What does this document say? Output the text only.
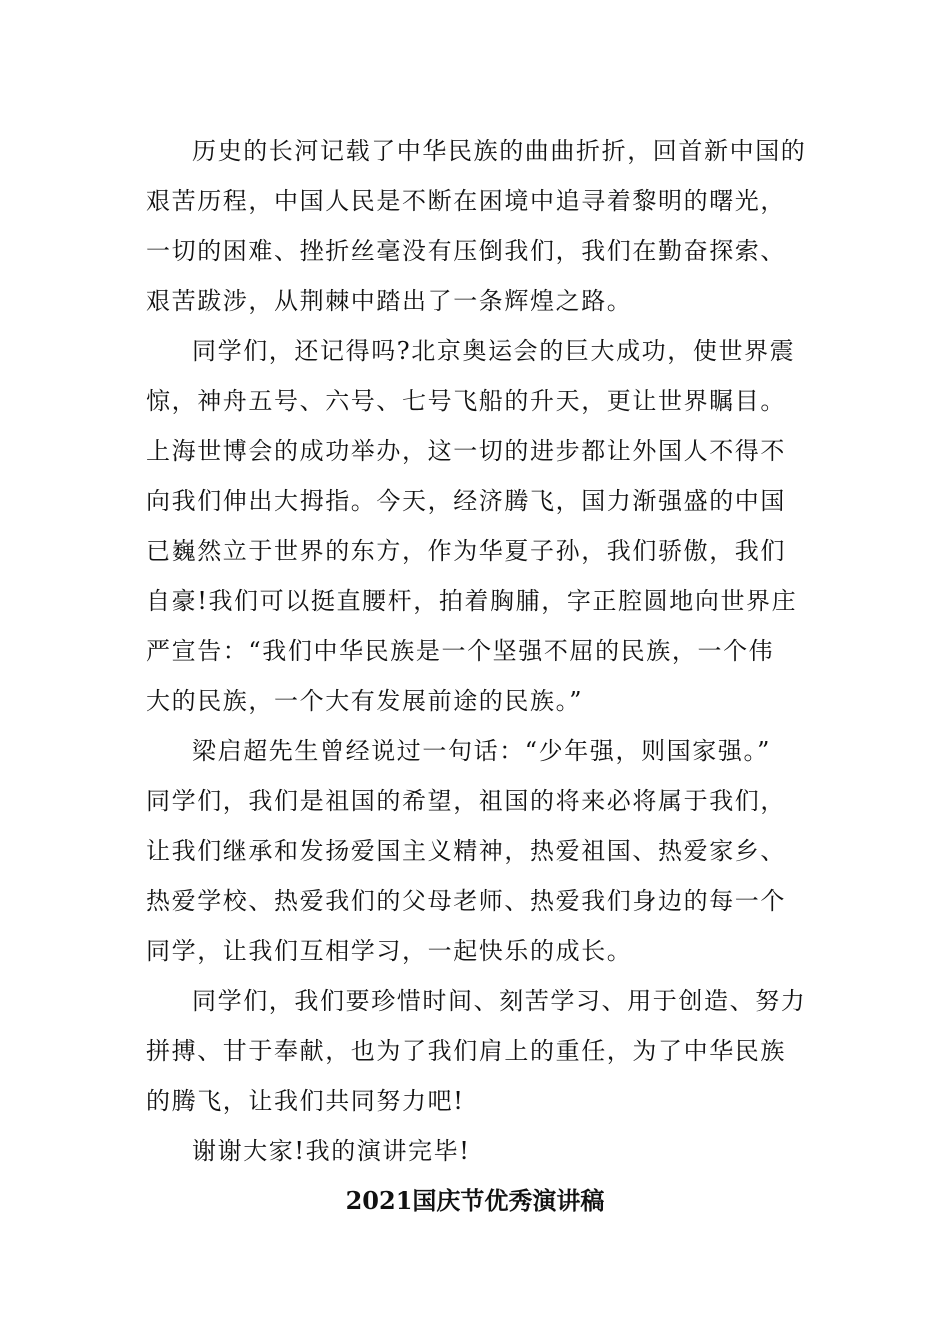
历史的长河记载了中华民族的曲曲折折，回首新中国的
艰苦历程，中国人民是不断在困境中追寻着黎明的曙光，
一切的困难、挫折丝毫没有压倒我们，我们在勤奋探索、
艰苦跋涉，从荆棘中踏出了一条辉煌之路。
同学们，还记得吗?北京奥运会的巨大成功，使世界震
惊，神舟五号、六号、七号飞船的升天，更让世界瞩目。
上海世博会的成功举办，这一切的进步都让外国人不得不
向我们伸出大拇指。今天，经济腾飞，国力渐强盛的中国
已巍然立于世界的东方，作为华夏子孙，我们骄傲，我们
自豪!我们可以挺直腰杆，拍着胸脯，字正腔圆地向世界庄
严宣告：“我们中华民族是一个坚强不屈的民族，一个伟
大的民族，一个大有发展前途的民族。”
梁启超先生曾经说过一句话：“少年强，则国家强。”
同学们，我们是祖国的希望，祖国的将来必将属于我们，
让我们继承和发扬爱国主义精神，热爱祖国、热爱家乡、
热爱学校、热爱我们的父母老师、热爱我们身边的每一个
同学，让我们互相学习，一起快乐的成长。
同学们，我们要珍惜时间、刻苦学习、用于创造、努力
拼搏、甘于奉献，也为了我们肩上的重任，为了中华民族
的腾飞，让我们共同努力吧!
谢谢大家!我的演讲完毕!
2021国庆节优秀演讲稿
